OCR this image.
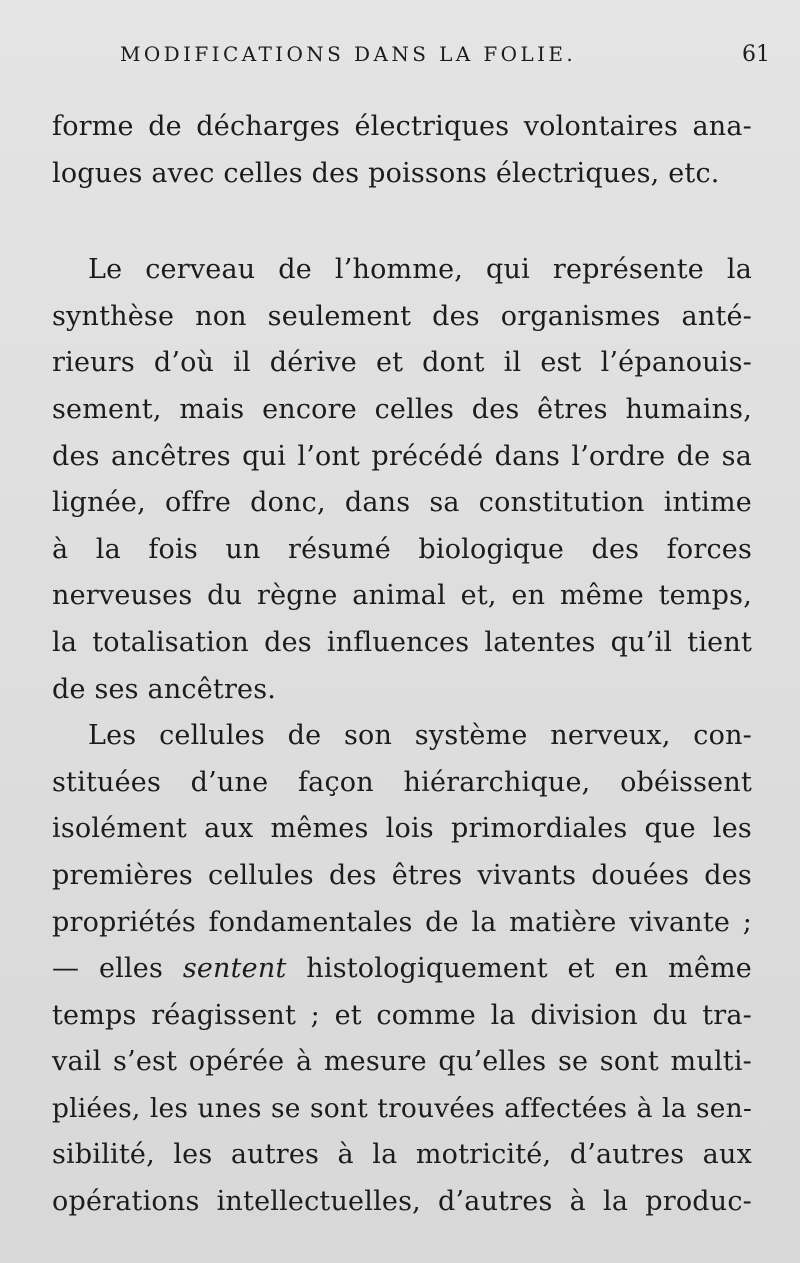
MODIFICATIONS DANS LA FOLIE.	61
forme de décharges électriques volontaires ana-
logues avec celles des poissons électriques, etc.
Le cerveau de l’homme, qui représente la
synthèse non seulement des organismes anté-
rieurs d’où il dérive et dont il est l’épanouis-
sement, mais encore celles des êtres humains,
des ancêtres qui l’ont précédé dans l’ordre de sa
lignée, offre donc, dans sa constitution intime
à la fois un résumé biologique des forces
nerveuses du règne animal et, en même temps,
la totalisation des influences latentes qu’il tient
de ses ancêtres.
Les cellules de son système nerveux, con-
stituées d’une façon hiérarchique, obéissent
isolément aux mêmes lois primordiales que les
premières cellules des êtres vivants douées des
propriétés fondamentales de la matière vivante ;
— elles sentent histologiquement et en même
temps réagissent ; et comme la division du tra-
vail s’est opérée à mesure qu’elles se sont multi-
pliées, les unes se sont trouvées affectées à la sen-
sibilité, les autres à la motricité, d’autres aux
opérations intellectuelles, d’autres à la produc-
